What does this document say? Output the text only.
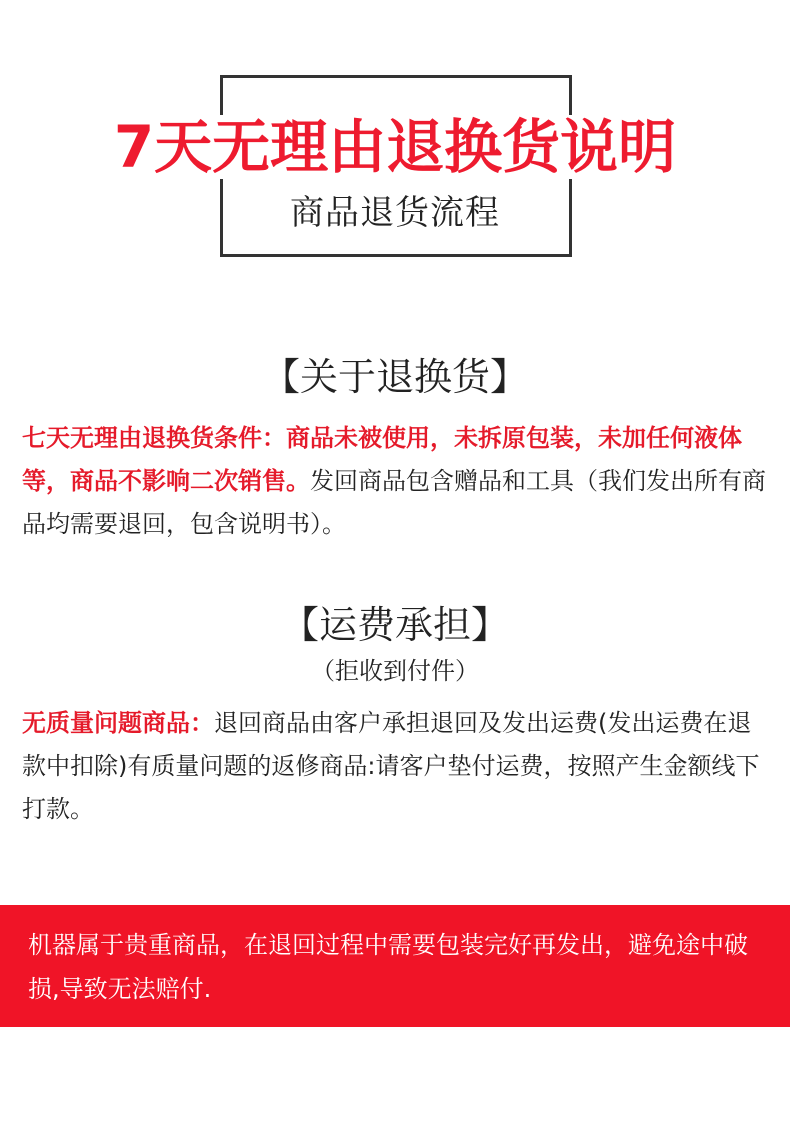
7天无理由退换货说明
商品退货流程
【关于退换货】
七天无理由退换货条件：商品未被使用，未拆原包装，未加任何液体等，商品不影响二次销售。发回商品包含赠品和工具（我们发出所有商品均需要退回，包含说明书）。
【运费承担】
（拒收到付件）
无质量问题商品：退回商品由客户承担退回及发出运费(发出运费在退款中扣除)有质量问题的返修商品:请客户垫付运费，按照产生金额线下打款。
机器属于贵重商品，在退回过程中需要包装完好再发出，避免途中破损,导致无法赔付.
